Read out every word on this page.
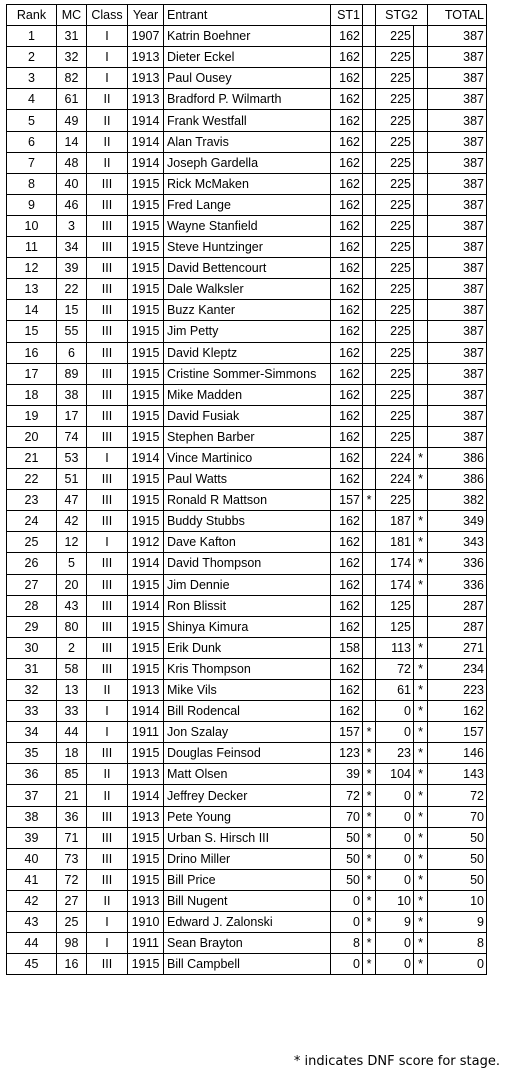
Rank	MC	Class	Year	Entrant	ST1		STG2		TOTAL
1	31	I	1907	Katrin Boehner	162		225		387
2	32	I	1913	Dieter Eckel	162		225		387
3	82	I	1913	Paul Ousey	162		225		387
4	61	II	1913	Bradford P. Wilmarth	162		225		387
5	49	II	1914	Frank Westfall	162		225		387
6	14	II	1914	Alan Travis	162		225		387
7	48	II	1914	Joseph Gardella	162		225		387
8	40	III	1915	Rick McMaken	162		225		387
9	46	III	1915	Fred Lange	162		225		387
10	3	III	1915	Wayne Stanfield	162		225		387
11	34	III	1915	Steve Huntzinger	162		225		387
12	39	III	1915	David Bettencourt	162		225		387
13	22	III	1915	Dale Walksler	162		225		387
14	15	III	1915	Buzz Kanter	162		225		387
15	55	III	1915	Jim Petty	162		225		387
16	6	III	1915	David Kleptz	162		225		387
17	89	III	1915	Cristine Sommer-Simmons	162		225		387
18	38	III	1915	Mike Madden	162		225		387
19	17	III	1915	David Fusiak	162		225		387
20	74	III	1915	Stephen Barber	162		225		387
21	53	I	1914	Vince Martinico	162		224	*	386
22	51	III	1915	Paul Watts	162		224	*	386
23	47	III	1915	Ronald R Mattson	157	*	225		382
24	42	III	1915	Buddy Stubbs	162		187	*	349
25	12	I	1912	Dave Kafton	162		181	*	343
26	5	III	1914	David Thompson	162		174	*	336
27	20	III	1915	Jim Dennie	162		174	*	336
28	43	III	1914	Ron Blissit	162		125		287
29	80	III	1915	Shinya Kimura	162		125		287
30	2	III	1915	Erik Dunk	158		113	*	271
31	58	III	1915	Kris Thompson	162		72	*	234
32	13	II	1913	Mike Vils	162		61	*	223
33	33	I	1914	Bill Rodencal	162		0	*	162
34	44	I	1911	Jon Szalay	157	*	0	*	157
35	18	III	1915	Douglas Feinsod	123	*	23	*	146
36	85	II	1913	Matt Olsen	39	*	104	*	143
37	21	II	1914	Jeffrey Decker	72	*	0	*	72
38	36	III	1913	Pete Young	70	*	0	*	70
39	71	III	1915	Urban S. Hirsch III	50	*	0	*	50
40	73	III	1915	Drino Miller	50	*	0	*	50
41	72	III	1915	Bill Price	50	*	0	*	50
42	27	II	1913	Bill Nugent	0	*	10	*	10
43	25	I	1910	Edward J. Zalonski	0	*	9	*	9
44	98	I	1911	Sean Brayton	8	*	0	*	8
45	16	III	1915	Bill Campbell	0	*	0	*	0
* indicates DNF score for stage.
